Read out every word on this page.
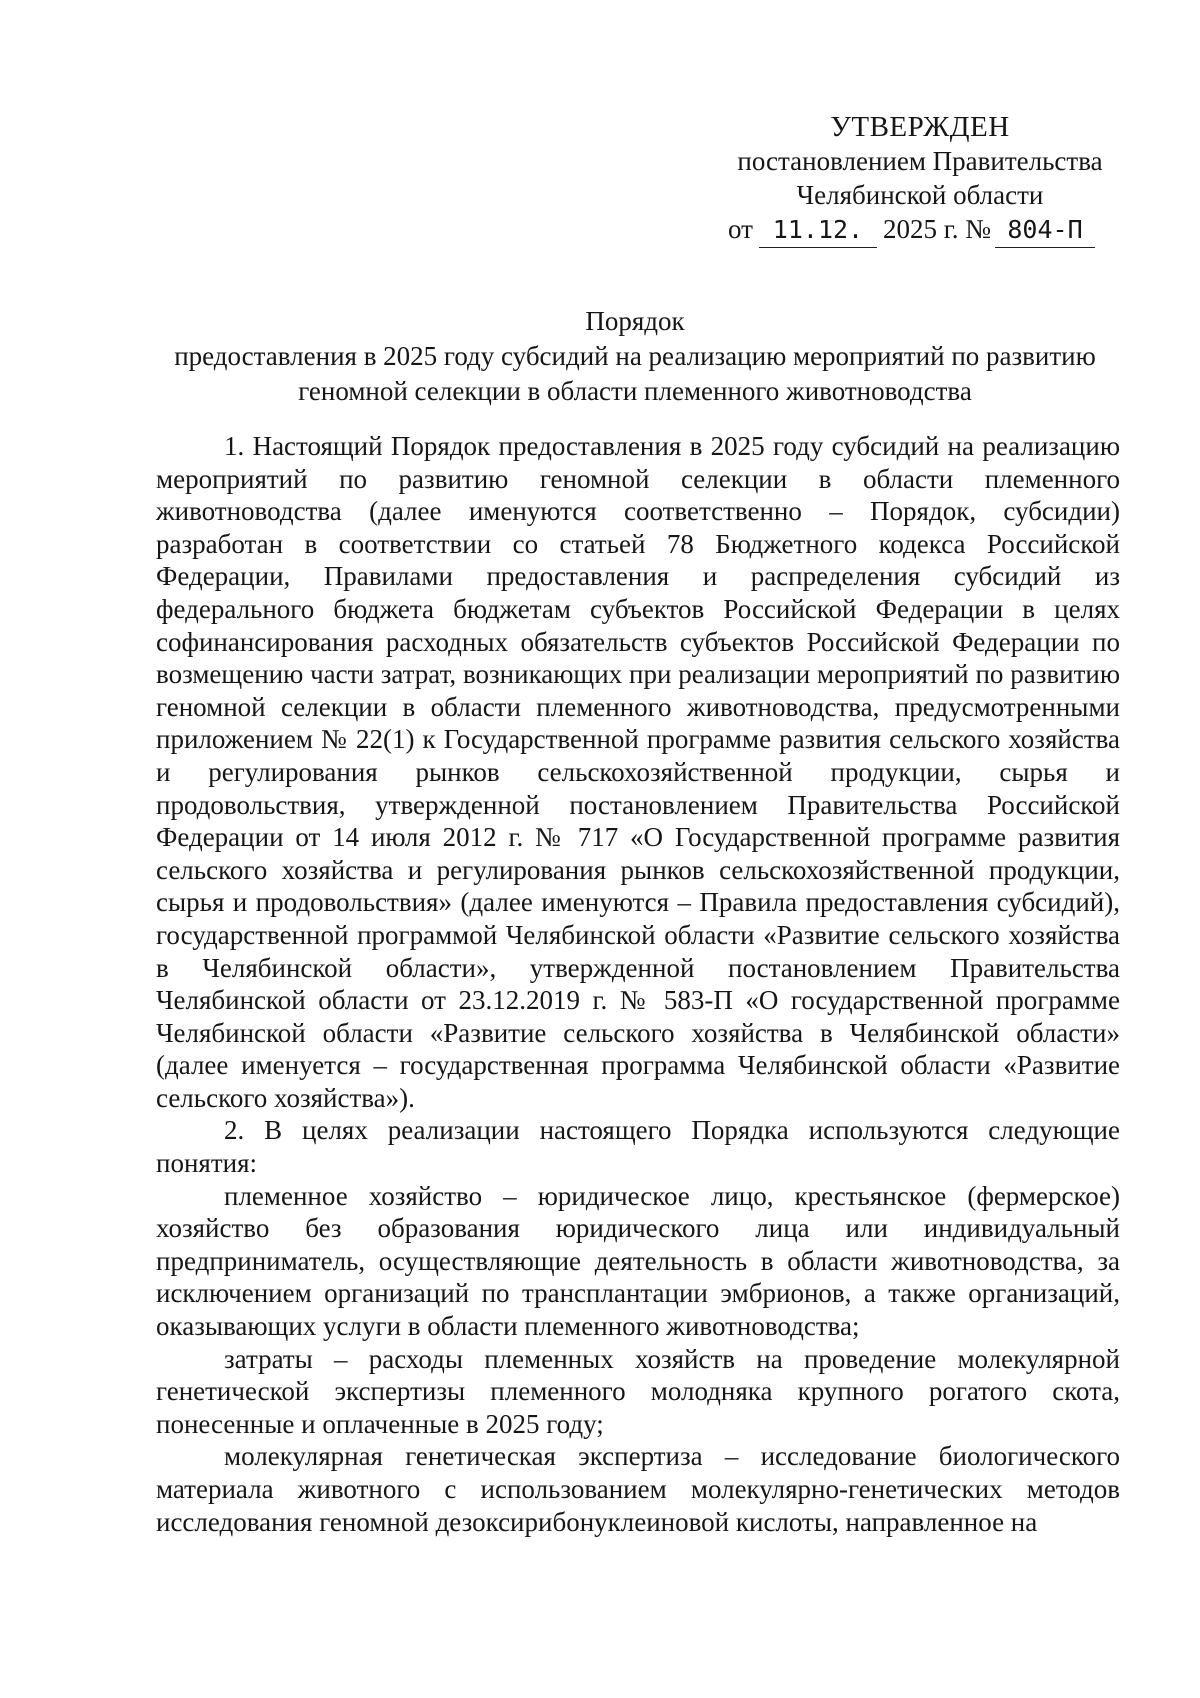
УТВЕРЖДЕН
постановлением Правительства
Челябинской области
от 11.12. 2025 г. № 804-П
Порядок
предоставления в 2025 году субсидий на реализацию мероприятий по развитию
геномной селекции в области племенного животноводства

1. Настоящий Порядок предоставления в 2025 году субсидий на реализацию мероприятий по развитию геномной селекции в области племенного животноводства (далее именуются соответственно – Порядок, субсидии) разработан в соответствии со статьей 78 Бюджетного кодекса Российской Федерации, Правилами предоставления и распределения субсидий из федерального бюджета бюджетам субъектов Российской Федерации в целях софинансирования расходных обязательств субъектов Российской Федерации по возмещению части затрат, возникающих при реализации мероприятий по развитию геномной селекции в области племенного животноводства, предусмотренными приложением № 22(1) к Государственной программе развития сельского хозяйства и регулирования рынков сельскохозяйственной продукции, сырья и продовольствия, утвержденной постановлением Правительства Российской Федерации от 14 июля 2012 г. № 717 «О Государственной программе развития сельского хозяйства и регулирования рынков сельскохозяйственной продукции, сырья и продовольствия» (далее именуются – Правила предоставления субсидий), государственной программой Челябинской области «Развитие сельского хозяйства в Челябинской области», утвержденной постановлением Правительства Челябинской области от 23.12.2019 г. № 583-П «О государственной программе Челябинской области «Развитие сельского хозяйства в Челябинской области» (далее именуется – государственная программа Челябинской области «Развитие сельского хозяйства»).

2. В целях реализации настоящего Порядка используются следующие понятия:

племенное хозяйство – юридическое лицо, крестьянское (фермерское) хозяйство без образования юридического лица или индивидуальный предприниматель, осуществляющие деятельность в области животноводства, за исключением организаций по трансплантации эмбрионов, а также организаций, оказывающих услуги в области племенного животноводства;

затраты – расходы племенных хозяйств на проведение молекулярной генетической экспертизы племенного молодняка крупного рогатого скота, понесенные и оплаченные в 2025 году;

молекулярная генетическая экспертиза – исследование биологического материала животного с использованием молекулярно-генетических методов исследования геномной дезоксирибонуклеиновой кислоты, направленное на
